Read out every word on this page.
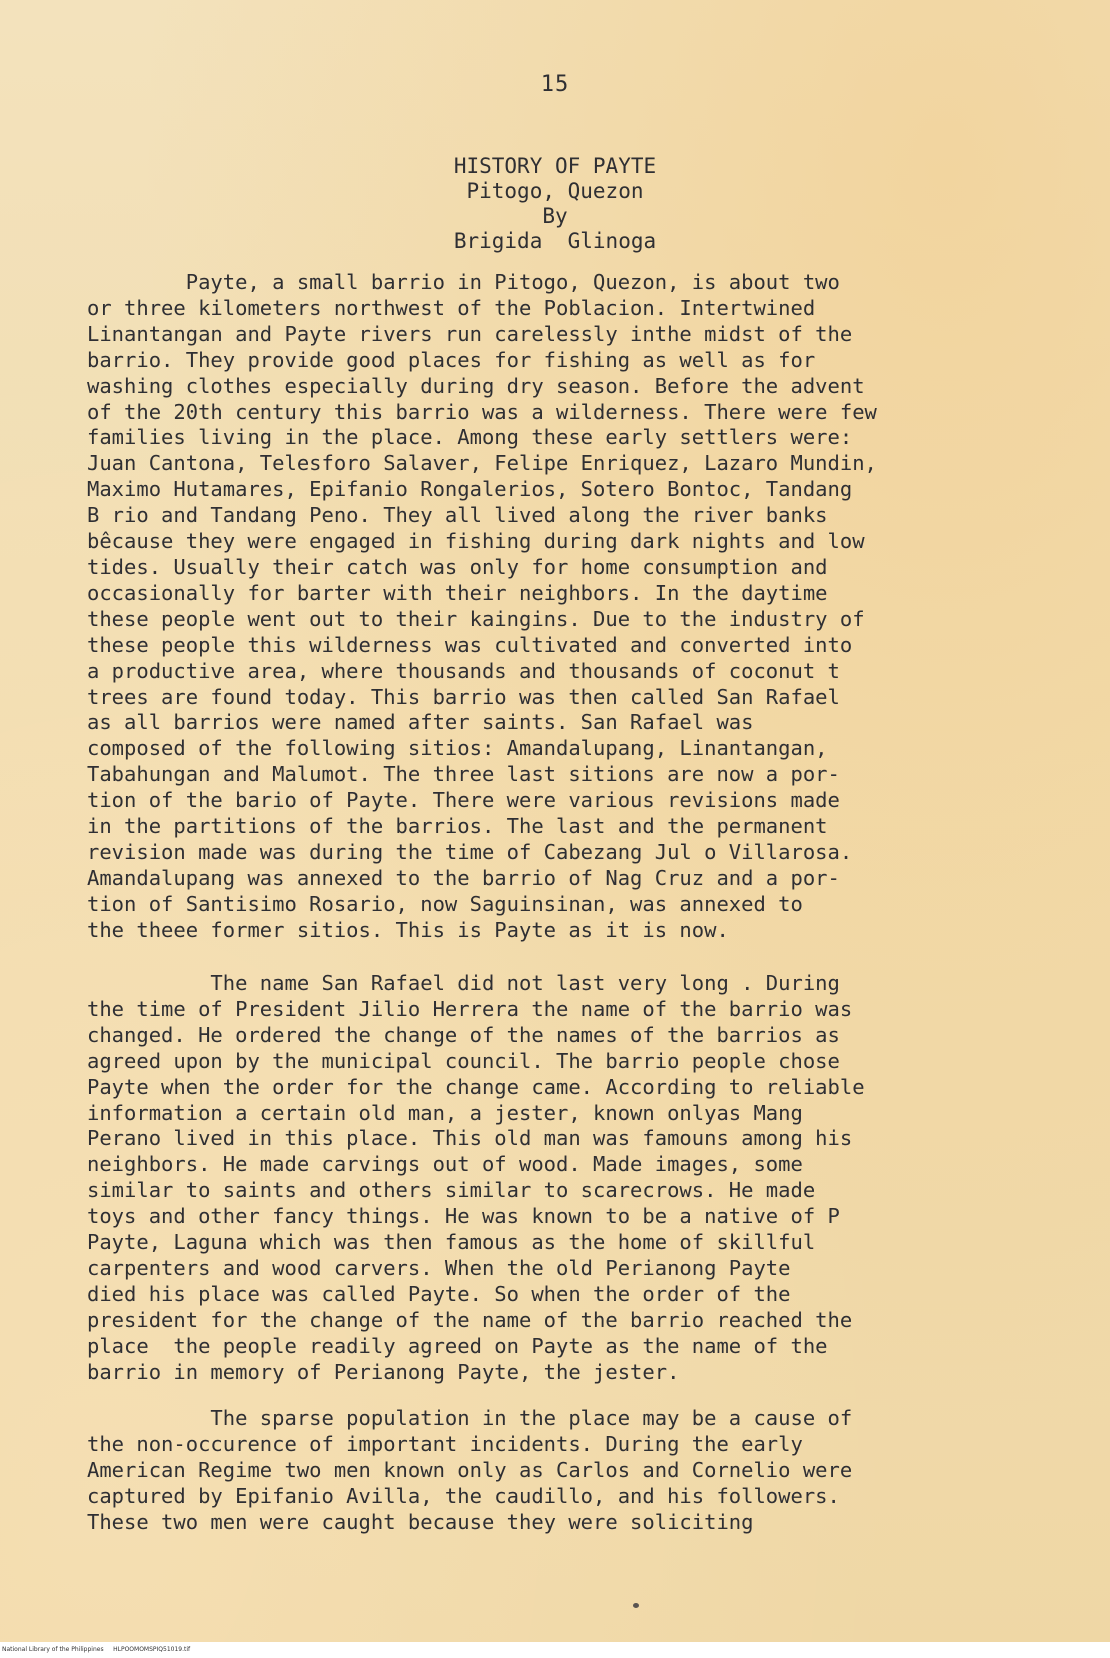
15
HISTORY OF PAYTE
Pitogo, Quezon
By
Brigida  Glinoga
Payte, a small barrio in Pitogo, Quezon, is about two
or three kilometers northwest of the Poblacion. Intertwined
Linantangan and Payte rivers run carelessly inthe midst of the
barrio. They provide good places for fishing as well as for
washing clothes especially during dry season. Before the advent
of the 20th century this barrio was a wilderness. There were few
families living in the place. Among these early settlers were:
Juan Cantona, Telesforo Salaver, Felipe Enriquez, Lazaro Mundin,
Maximo Hutamares, Epifanio Rongalerios, Sotero Bontoc, Tandang
B rio and Tandang Peno. They all lived along the river banks
bêcause they were engaged in fishing during dark nights and low
tides. Usually their catch was only for home consumption and
occasionally for barter with their neighbors. In the daytime
these people went out to their kaingins. Due to the industry of
these people this wilderness was cultivated and converted into
a productive area, where thousands and thousands of coconut t
trees are found today. This barrio was then called San Rafael
as all barrios were named after saints. San Rafael was
composed of the following sitios: Amandalupang, Linantangan,
Tabahungan and Malumot. The three last sitions are now a por-
tion of the bario of Payte. There were various revisions made
in the partitions of the barrios. The last and the permanent
revision made was during the time of Cabezang Jul o Villarosa.
Amandalupang was annexed to the barrio of Nag Cruz and a por-
tion of Santisimo Rosario, now Saguinsinan, was annexed to
the theee former sitios. This is Payte as it is now.
The name San Rafael did not last very long . During
the time of President Jilio Herrera the name of the barrio was
changed. He ordered the change of the names of the barrios as
agreed upon by the municipal council. The barrio people chose
Payte when the order for the change came. According to reliable
information a certain old man, a jester, known onlyas Mang
Perano lived in this place. This old man was famouns among his
neighbors. He made carvings out of wood. Made images, some
similar to saints and others similar to scarecrows. He made
toys and other fancy things. He was known to be a native of P
Payte, Laguna which was then famous as the home of skillful
carpenters and wood carvers. When the old Perianong Payte
died his place was called Payte. So when the order of the
president for the change of the name of the barrio reached the
place  the people readily agreed on Payte as the name of the
barrio in memory of Perianong Payte, the jester.
The sparse population in the place may be a cause of
the non-occurence of important incidents. During the early
American Regime two men known only as Carlos and Cornelio were
captured by Epifanio Avilla, the caudillo, and his followers.
These two men were caught because they were soliciting
National Library of the Philippines     HLPOOMOMSPIQ51019.tif
